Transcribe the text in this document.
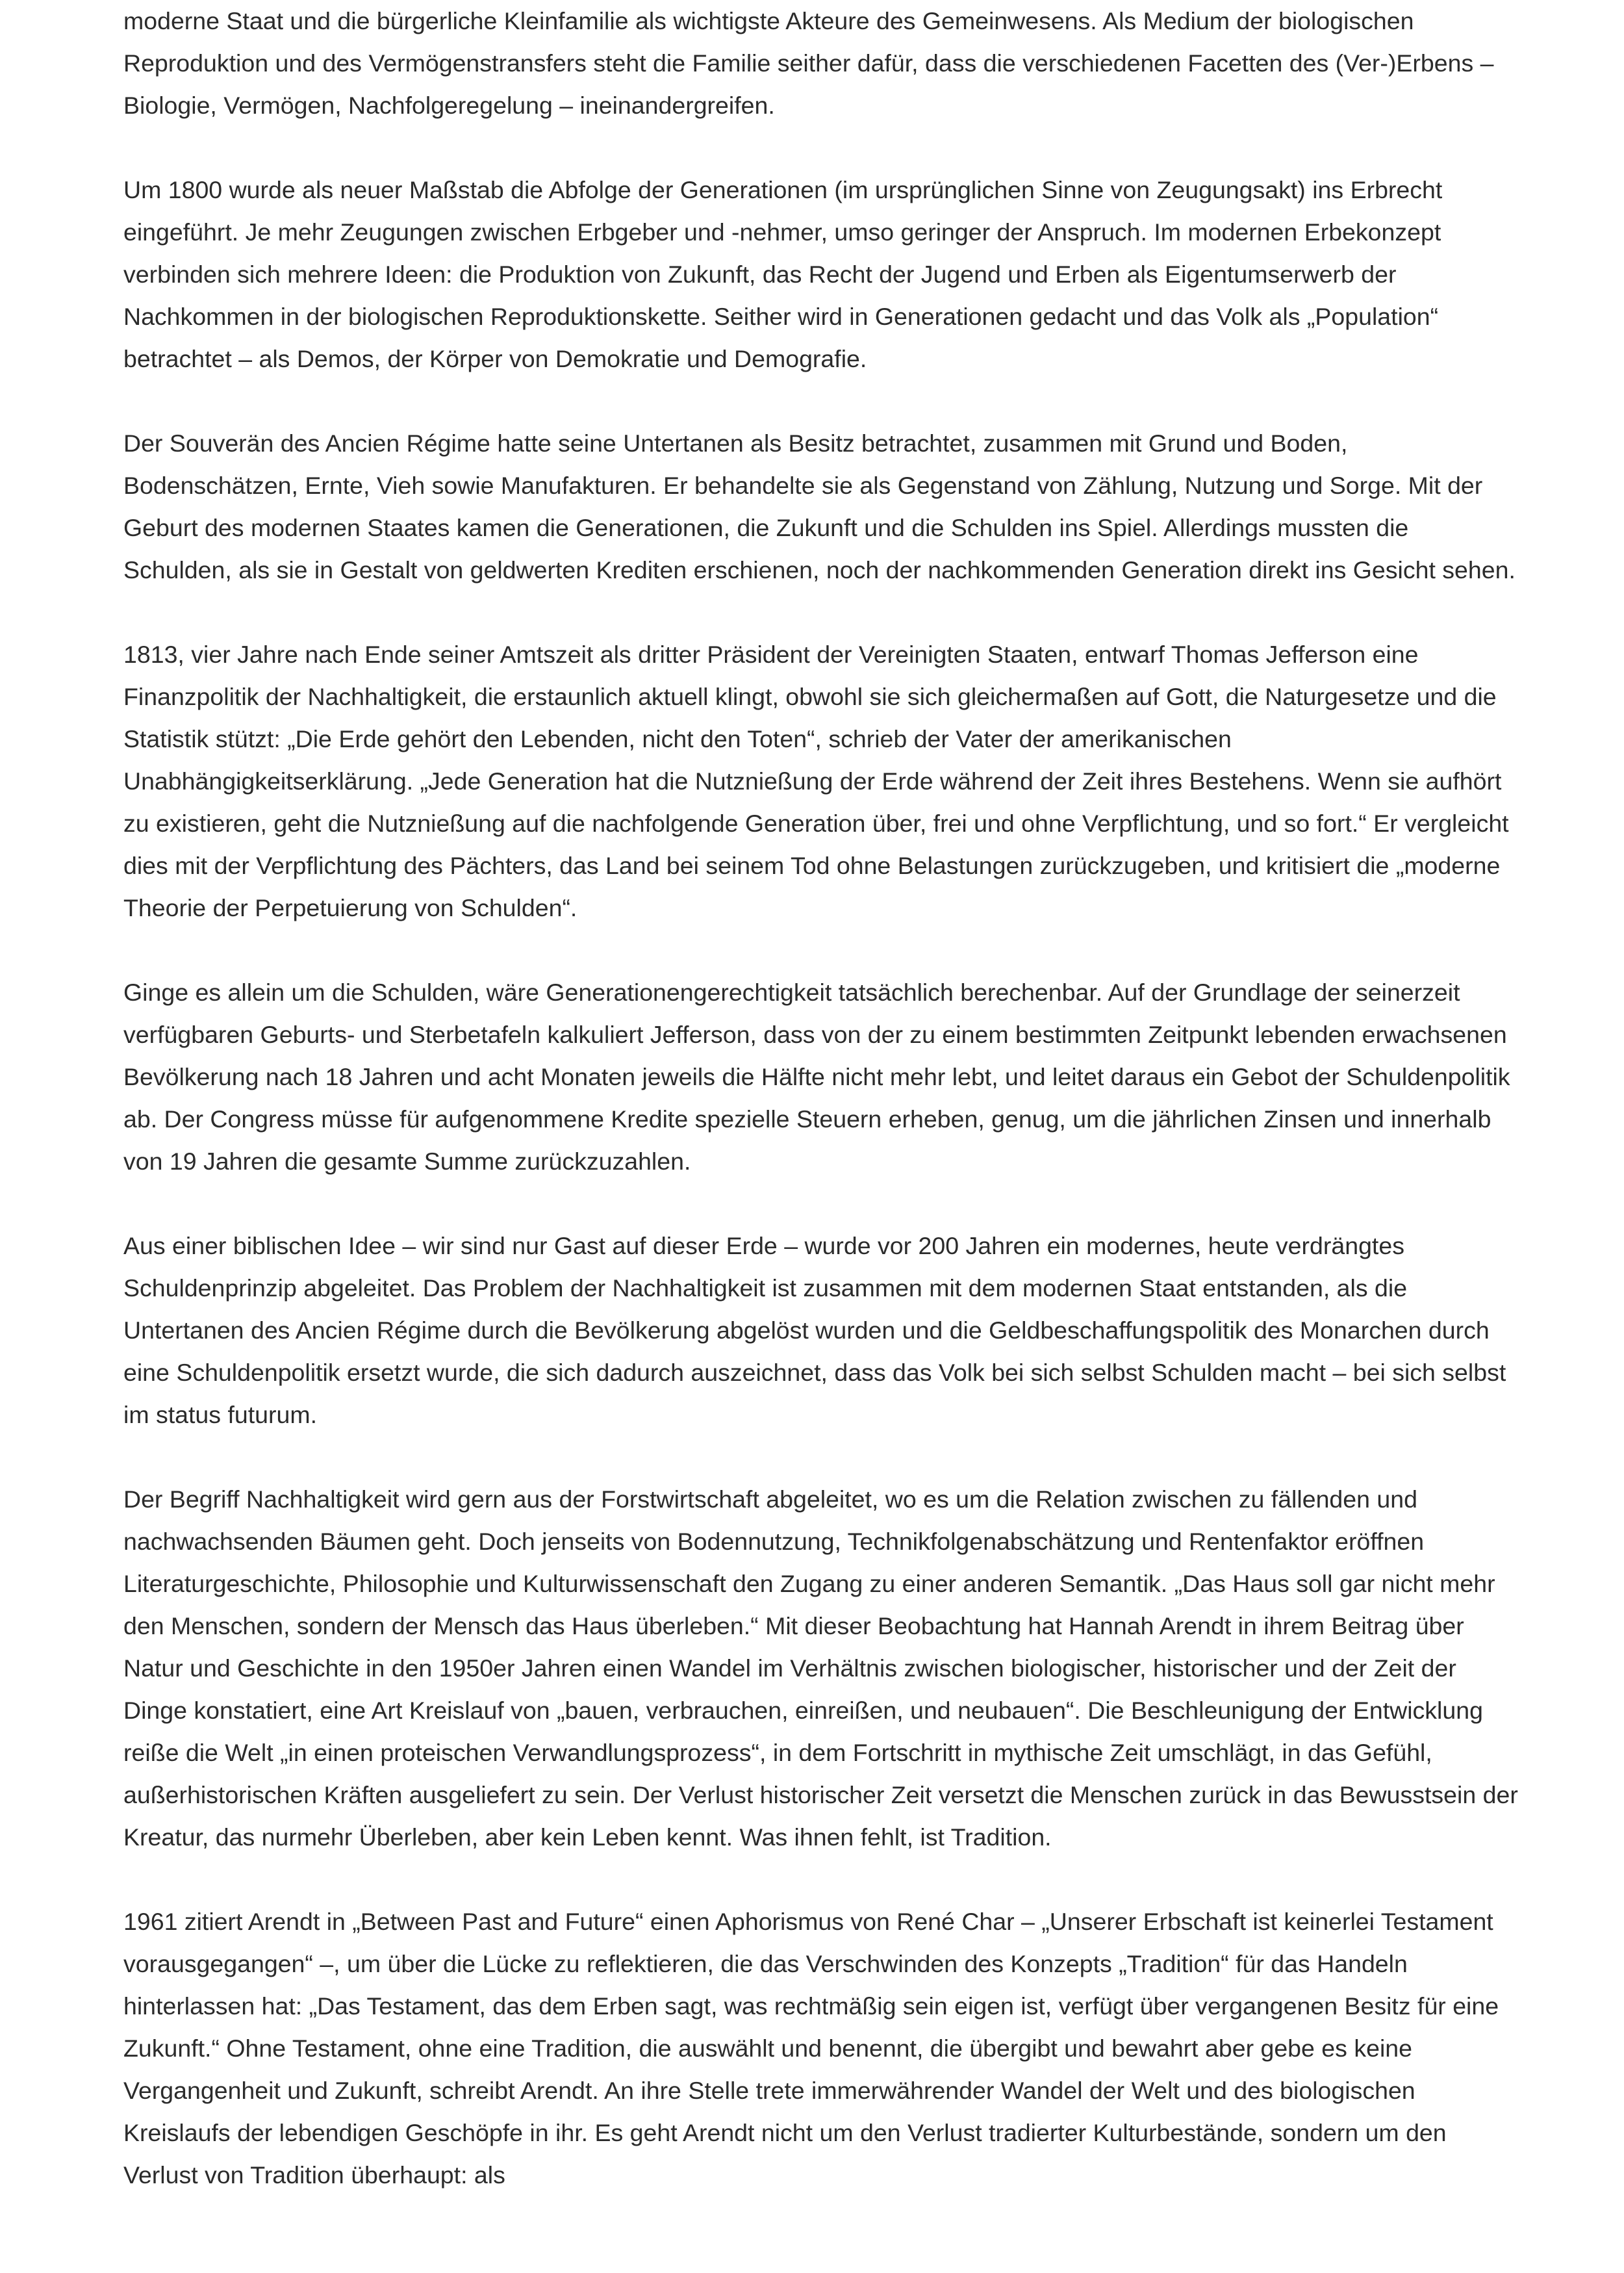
moderne Staat und die bürgerliche Kleinfamilie als wichtigste Akteure des Gemeinwesens. Als Medium der biologischen Reproduktion und des Vermögenstransfers steht die Familie seither dafür, dass die verschiedenen Facetten des (Ver-)Erbens – Biologie, Vermögen, Nachfolgeregelung – ineinandergreifen.

Um 1800 wurde als neuer Maßstab die Abfolge der Generationen (im ursprünglichen Sinne von Zeugungsakt) ins Erbrecht eingeführt. Je mehr Zeugungen zwischen Erbgeber und -nehmer, umso geringer der Anspruch. Im modernen Erbekonzept verbinden sich mehrere Ideen: die Produktion von Zukunft, das Recht der Jugend und Erben als Eigentumserwerb der Nachkommen in der biologischen Reproduktionskette. Seither wird in Generationen gedacht und das Volk als „Population“ betrachtet – als Demos, der Körper von Demokratie und Demografie.

Der Souverän des Ancien Régime hatte seine Untertanen als Besitz betrachtet, zusammen mit Grund und Boden, Bodenschätzen, Ernte, Vieh sowie Manufakturen. Er behandelte sie als Gegenstand von Zählung, Nutzung und Sorge. Mit der Geburt des modernen Staates kamen die Generationen, die Zukunft und die Schulden ins Spiel. Allerdings mussten die Schulden, als sie in Gestalt von geldwerten Krediten erschienen, noch der nachkommenden Generation direkt ins Gesicht sehen.

1813, vier Jahre nach Ende seiner Amtszeit als dritter Präsident der Vereinigten Staaten, entwarf Thomas Jefferson eine Finanzpolitik der Nachhaltigkeit, die erstaunlich aktuell klingt, obwohl sie sich gleichermaßen auf Gott, die Naturgesetze und die Statistik stützt: „Die Erde gehört den Lebenden, nicht den Toten“, schrieb der Vater der amerikanischen Unabhängigkeitserklärung. „Jede Generation hat die Nutznießung der Erde während der Zeit ihres Bestehens. Wenn sie aufhört zu existieren, geht die Nutznießung auf die nachfolgende Generation über, frei und ohne Verpflichtung, und so fort.“ Er vergleicht dies mit der Verpflichtung des Pächters, das Land bei seinem Tod ohne Belastungen zurückzugeben, und kritisiert die „moderne Theorie der Perpetuierung von Schulden“.

Ginge es allein um die Schulden, wäre Generationengerechtigkeit tatsächlich berechenbar. Auf der Grundlage der seinerzeit verfügbaren Geburts- und Sterbetafeln kalkuliert Jefferson, dass von der zu einem bestimmten Zeitpunkt lebenden erwachsenen Bevölkerung nach 18 Jahren und acht Monaten jeweils die Hälfte nicht mehr lebt, und leitet daraus ein Gebot der Schuldenpolitik ab. Der Congress müsse für aufgenommene Kredite spezielle Steuern erheben, genug, um die jährlichen Zinsen und innerhalb von 19 Jahren die gesamte Summe zurückzuzahlen.

Aus einer biblischen Idee – wir sind nur Gast auf dieser Erde – wurde vor 200 Jahren ein modernes, heute verdrängtes Schuldenprinzip abgeleitet. Das Problem der Nachhaltigkeit ist zusammen mit dem modernen Staat entstanden, als die Untertanen des Ancien Régime durch die Bevölkerung abgelöst wurden und die Geldbeschaffungspolitik des Monarchen durch eine Schuldenpolitik ersetzt wurde, die sich dadurch auszeichnet, dass das Volk bei sich selbst Schulden macht – bei sich selbst im status futurum.

Der Begriff Nachhaltigkeit wird gern aus der Forstwirtschaft abgeleitet, wo es um die Relation zwischen zu fällenden und nachwachsenden Bäumen geht. Doch jenseits von Bodennutzung, Technikfolgenabschätzung und Rentenfaktor eröffnen Literaturgeschichte, Philosophie und Kulturwissenschaft den Zugang zu einer anderen Semantik. „Das Haus soll gar nicht mehr den Menschen, sondern der Mensch das Haus überleben.“ Mit dieser Beobachtung hat Hannah Arendt in ihrem Beitrag über Natur und Geschichte in den 1950er Jahren einen Wandel im Verhältnis zwischen biologischer, historischer und der Zeit der Dinge konstatiert, eine Art Kreislauf von „bauen, verbrauchen, einreißen, und neubauen“. Die Beschleunigung der Entwicklung reiße die Welt „in einen proteischen Verwandlungsprozess“, in dem Fortschritt in mythische Zeit umschlägt, in das Gefühl, außerhistorischen Kräften ausgeliefert zu sein. Der Verlust historischer Zeit versetzt die Menschen zurück in das Bewusstsein der Kreatur, das nurmehr Überleben, aber kein Leben kennt. Was ihnen fehlt, ist Tradition.

1961 zitiert Arendt in „Between Past and Future“ einen Aphorismus von René Char – „Unserer Erbschaft ist keinerlei Testament vorausgegangen“ –, um über die Lücke zu reflektieren, die das Verschwinden des Konzepts „Tradition“ für das Handeln hinterlassen hat: „Das Testament, das dem Erben sagt, was rechtmäßig sein eigen ist, verfügt über vergangenen Besitz für eine Zukunft.“ Ohne Testament, ohne eine Tradition, die auswählt und benennt, die übergibt und bewahrt aber gebe es keine Vergangenheit und Zukunft, schreibt Arendt. An ihre Stelle trete immerwährender Wandel der Welt und des biologischen Kreislaufs der lebendigen Geschöpfe in ihr. Es geht Arendt nicht um den Verlust tradierter Kulturbestände, sondern um den Verlust von Tradition überhaupt: als
